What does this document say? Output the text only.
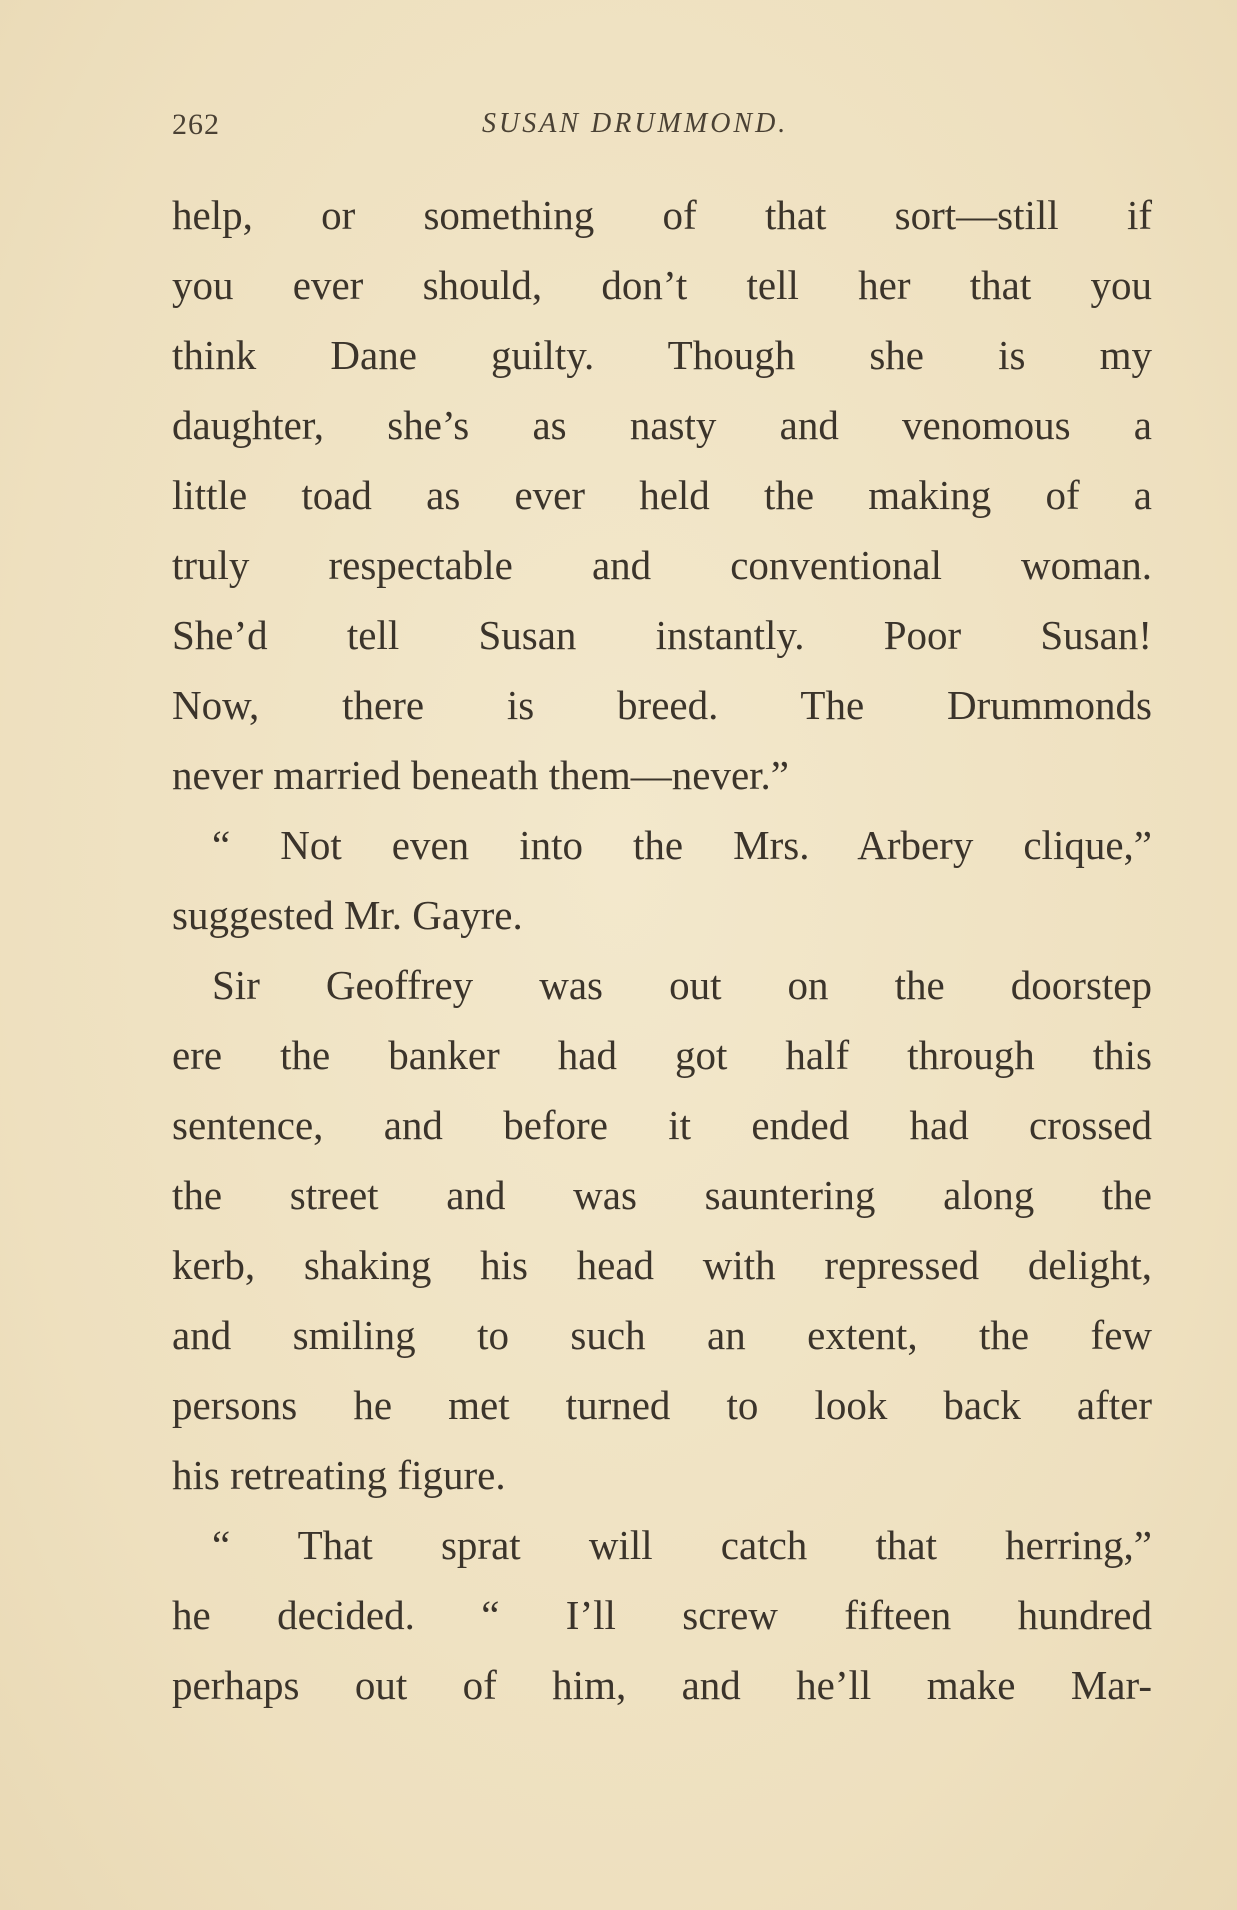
262	SUSAN DRUMMOND.
help, or something of that sort—still if
you ever should, don’t tell her that you
think Dane guilty. Though she is my
daughter, she’s as nasty and venomous a
little toad as ever held the making of a
truly respectable and conventional woman.
She’d tell Susan instantly. Poor Susan!
Now, there is breed. The Drummonds
never married beneath them—never.”
“ Not even into the Mrs. Arbery clique,”
suggested Mr. Gayre.
Sir Geoffrey was out on the doorstep
ere the banker had got half through this
sentence, and before it ended had crossed
the street and was sauntering along the
kerb, shaking his head with repressed delight,
and smiling to such an extent, the few
persons he met turned to look back after
his retreating figure.
“ That sprat will catch that herring,”
he decided. “ I’ll screw fifteen hundred
perhaps out of him, and he’ll make Mar-
